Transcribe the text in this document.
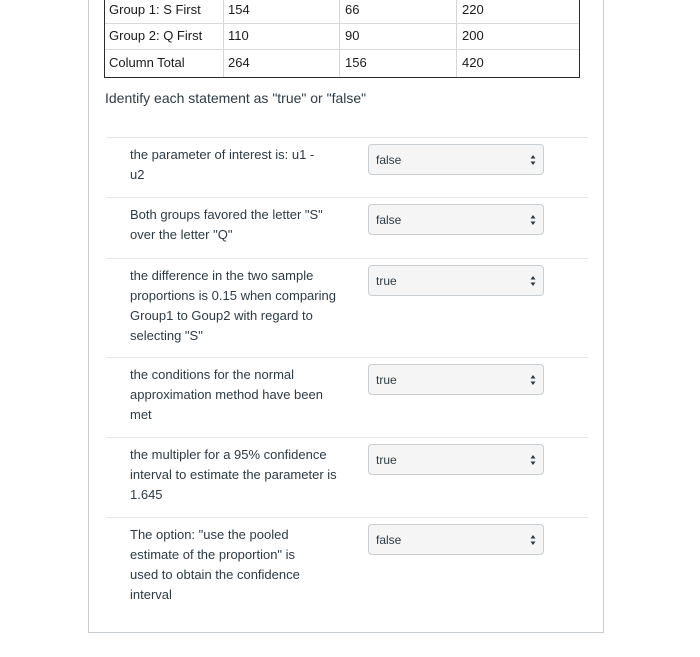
Group 1: S First 154	66	220
Group 2: Q First 110	90	200
Column Total	264	156	420
Identify each statement as "true" or "false"
the parameter of interest is: u1 - u2
false
Both groups favored the letter "S" over the letter "Q"
false
the difference in the two sample proportions is 0.15 when comparing Group1 to Goup2 with regard to selecting "S"
true
the conditions for the normal approximation method have been met
true
the multipler for a 95% confidence interval to estimate the parameter is 1.645
true
The option: "use the pooled estimate of the proportion" is used to obtain the confidence interval
false
